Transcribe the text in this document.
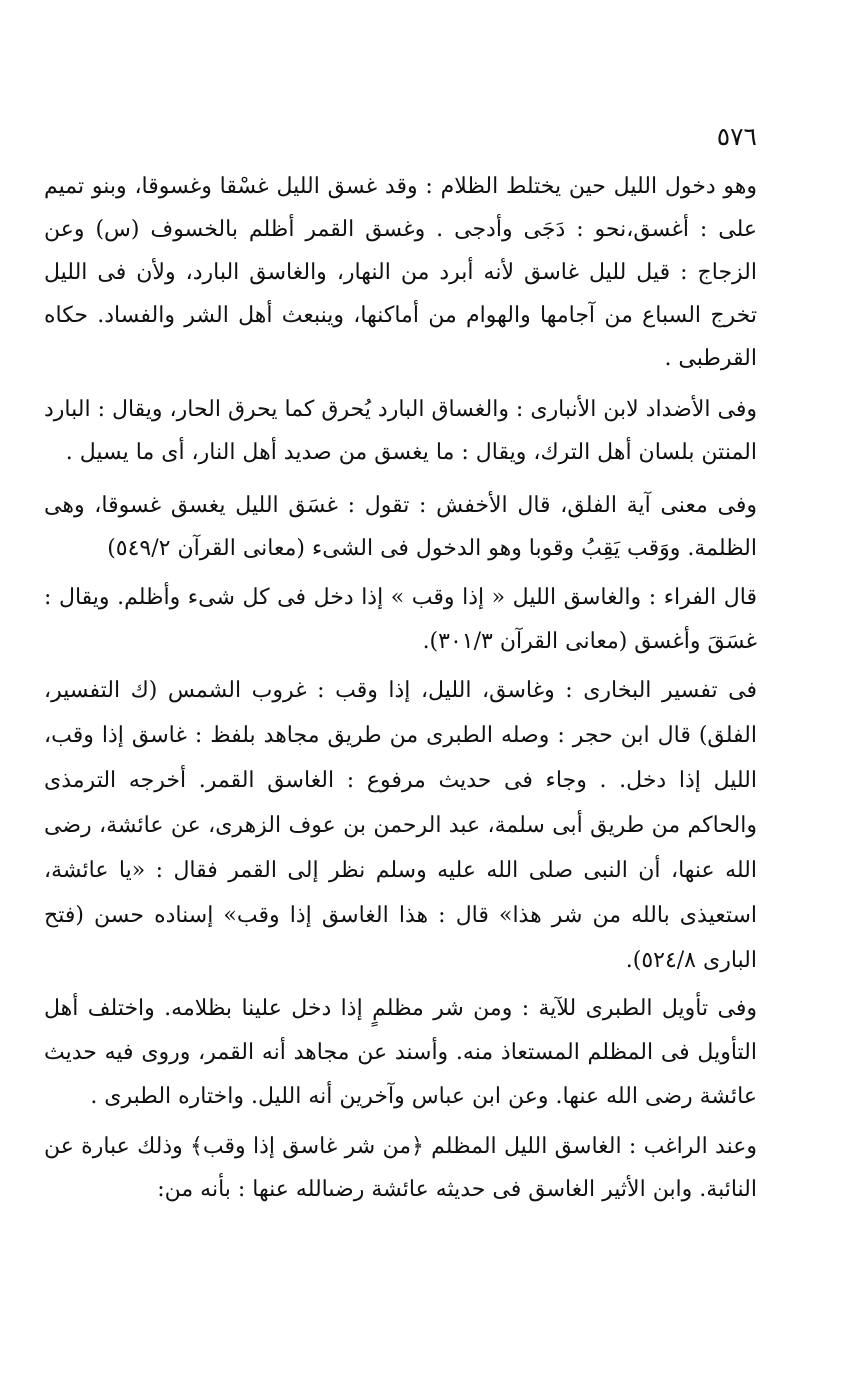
٥٧٦

وهو دخول الليل حين يختلط الظلام : وقد غسق الليل غسْقا وغسوقا، وبنو تميم على : أغسق،نحو : دَجَى وأدجى . وغسق القمر أظلم بالخسوف (س) وعن الزجاج : قيل لليل غاسق لأنه أبرد من النهار، والغاسق البارد، ولأن فى الليل تخرج السباع من آجامها والهوام من أماكنها، وينبعث أهل الشر والفساد. حكاه القرطبى .

وفى الأضداد لابن الأنبارى : والغساق البارد يُحرق كما يحرق الحار، ويقال : البارد المنتن بلسان أهل الترك، ويقال : ما يغسق من صديد أهل النار، أى ما يسيل .

وفى معنى آية الفلق، قال الأخفش : تقول : غسَق الليل يغسق غسوقا، وهى الظلمة. ووَقب يَقِبُ وقوبا وهو الدخول فى الشىء (معانى القرآن ٥٤٩/٢)

قال الفراء : والغاسق الليل « إذا وقب » إذا دخل فى كل شىء وأظلم. ويقال : غسَقَ وأغسق (معانى القرآن ٣٠١/٣).

فى تفسير البخارى : وغاسق، الليل، إذا وقب : غروب الشمس (ك التفسير، الفلق) قال ابن حجر : وصله الطبرى من طريق مجاهد بلفظ : غاسق إذا وقب، الليل إذا دخل. . وجاء فى حديث مرفوع : الغاسق القمر. أخرجه الترمذى والحاكم من طريق أبى سلمة، عبد الرحمن بن عوف الزهرى، عن عائشة، رضى الله عنها، أن النبى صلى الله عليه وسلم نظر إلى القمر فقال : «يا عائشة، استعيذى بالله من شر هذا» قال : هذا الغاسق إذا وقب» إسناده حسن (فتح البارى ٥٢٤/٨).

وفى تأويل الطبرى للآية : ومن شر مظلمٍ إذا دخل علينا بظلامه. واختلف أهل التأويل فى المظلم المستعاذ منه. وأسند عن مجاهد أنه القمر، وروى فيه حديث عائشة رضى الله عنها. وعن ابن عباس وآخرين أنه الليل. واختاره الطبرى .

وعند الراغب : الغاسق الليل المظلم ﴿من شر غاسق إذا وقب﴾ وذلك عبارة عن النائبة. وابن الأثير الغاسق فى حديثه عائشة رضىالله عنها : بأنه من:
